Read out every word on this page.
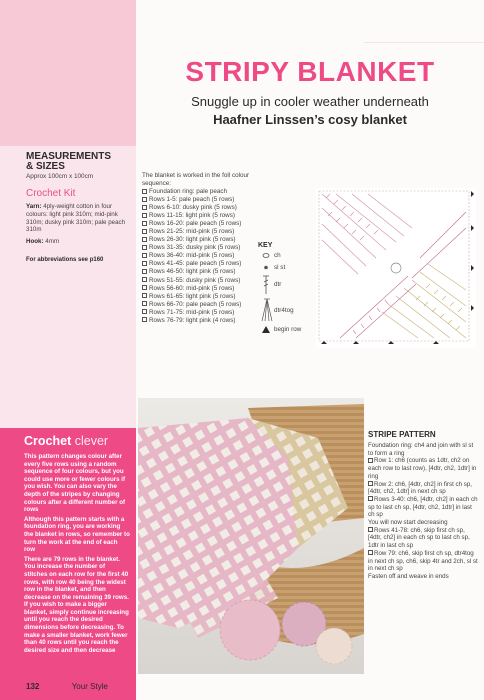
MEASUREMENTS
& SIZES
Approx 100cm x 100cm
Crochet Kit
Yarn: 4ply-weight cotton in four colours: light pink 310m; mid-pink 310m; dusky pink 310m; pale peach 310m
Hook: 4mm
For abbreviations see p160
Crochet clever

This pattern changes colour after every five rows using a random sequence of four colours, but you could use more or fewer colours if you wish. You can also vary the depth of the stripes by changing colours after a different number of rows

Although this pattern starts with a foundation ring, you are working the blanket in rows, so remember to turn the work at the end of each row

There are 79 rows in the blanket. You increase the number of stitches on each row for the first 40 rows, with row 40 being the widest row in the blanket, and then decrease on the remaining 39 rows. If you wish to make a bigger blanket, simply continue increasing until you reach the desired dimensions before decreasing. To make a smaller blanket, work fewer than 40 rows until you reach the desired size and then decrease

132 Crochet Your Style

STRIPY BLANKET
Snuggle up in cooler weather underneath
Haafner Linssen’s cosy blanket
The blanket is worked in the foll colour sequence:
Foundation ring: pale peach
Rows 1-5: pale peach (5 rows)
Rows 6-10: dusky pink (5 rows)
Rows 11-15: light pink (5 rows)
Rows 16-20: pale peach (5 rows)
Rows 21-25: mid-pink (5 rows)
Rows 26-30: light pink (5 rows)
Rows 31-35: dusky pink (5 rows)
Rows 36-40: mid-pink (5 rows)
Rows 41-45: pale peach (5 rows)
Rows 46-50: light pink (5 rows)
Rows 51-55: dusky pink (5 rows)
Rows 56-60: mid-pink (5 rows)
Rows 61-65: light pink (5 rows)
Rows 66-70: pale peach (5 rows)
Rows 71-75: mid-pink (5 rows)
Rows 76-79: light pink (4 rows)
KEY
ch
sl st
dtr
dtr4tog
begin row
STRIPE PATTERN
Foundation ring: ch4 and join with sl st to form a ring
Row 1: ch6 (counts as 1dtr, ch2 on each row to last row), [4dtr, ch2, 1dtr] in ring
Row 2: ch6, [4dtr, ch2] in first ch sp, [4dtr, ch2, 1dtr] in next ch sp
Rows 3-40: ch6, [4dtr, ch2] in each ch sp to last ch sp, [4dtr, ch2, 1dtr] in last ch sp
You will now start decreasing
Rows 41-78: ch6, skip first ch sp, [4dtr, ch2] in each ch sp to last ch sp, 1dtr in last ch sp
Row 79: ch6, skip first ch sp, dtr4tog in next ch sp, ch6, skip 4tr and 2ch, sl st in next ch sp
Fasten off and weave in ends
